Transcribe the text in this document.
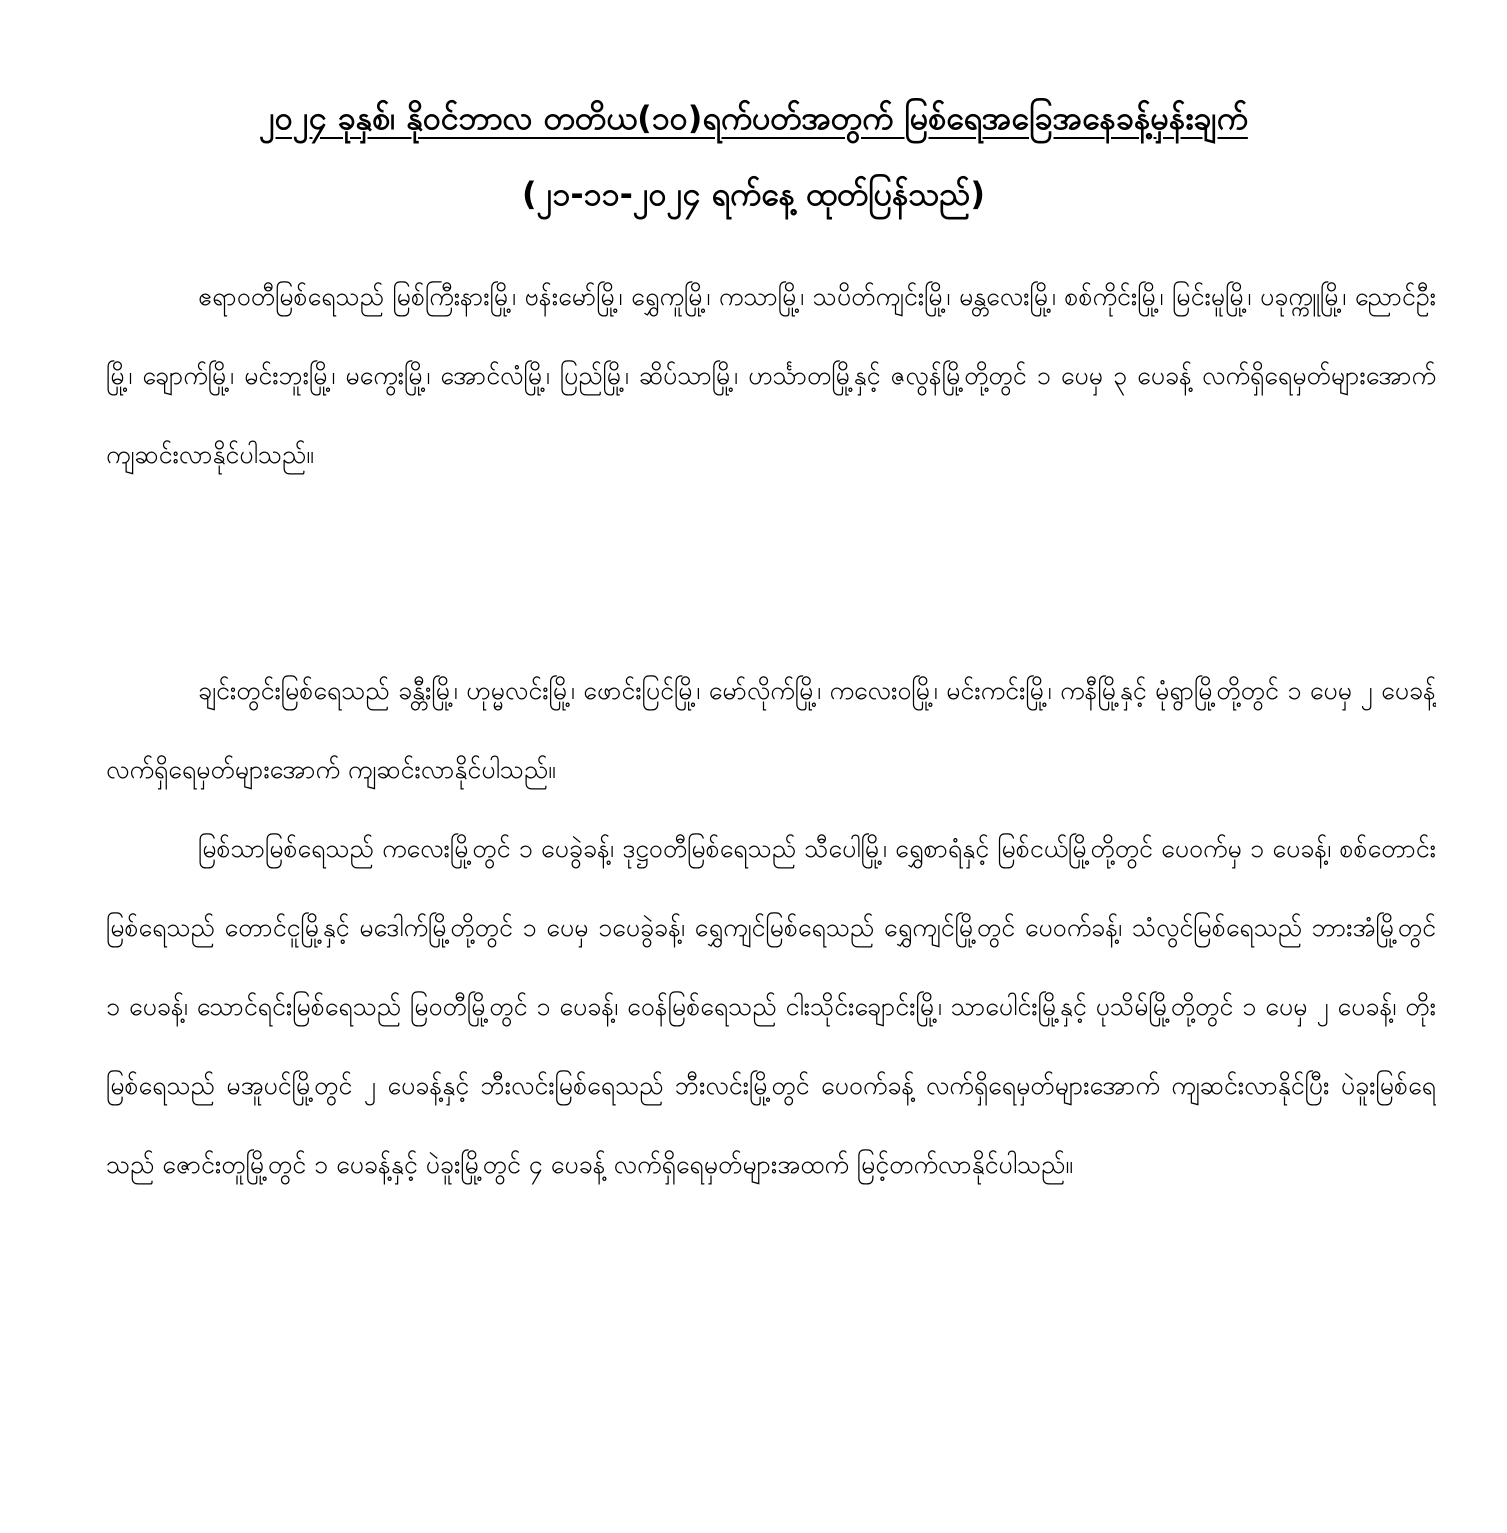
၂၀၂၄ ခုနှစ်၊ နိုဝင်ဘာလ တတိယ(၁၀)ရက်ပတ်အတွက် မြစ်ရေအခြေအနေခန့်မှန်းချက်
(၂၁-၁၁-၂၀၂၄ ရက်နေ့ ထုတ်ပြန်သည်)

ဧရာဝတီမြစ်ရေသည် မြစ်ကြီးနားမြို့၊ ဗန်းမော်မြို့၊ ရွှေကူမြို့၊ ကသာမြို့၊ သပိတ်ကျင်းမြို့၊ မန္တလေးမြို့၊ စစ်ကိုင်းမြို့၊ မြင်းမူမြို့၊ ပခုက္ကူမြို့၊ ညောင်ဦးမြို့၊ ချောက်မြို့၊ မင်းဘူးမြို့၊ မကွေးမြို့၊ အောင်လံမြို့၊ ပြည်မြို့၊ ဆိပ်သာမြို့၊ ဟင်္သာတမြို့နှင့် ဇလွန်မြို့တို့တွင် ၁ ပေမှ ၃ ပေခန့် လက်ရှိရေမှတ်များအောက် ကျဆင်းလာနိုင်ပါသည်။

ချင်းတွင်းမြစ်ရေသည် ခန္တီးမြို့၊ ဟုမ္မလင်းမြို့၊ ဖောင်းပြင်မြို့၊ မော်လိုက်မြို့၊ ကလေးဝမြို့၊ မင်းကင်းမြို့၊ ကနီမြို့နှင့် မုံရွာမြို့တို့တွင် ၁ ပေမှ ၂ ပေခန့် လက်ရှိရေမှတ်များအောက် ကျဆင်းလာနိုင်ပါသည်။

မြစ်သာမြစ်ရေသည် ကလေးမြို့တွင် ၁ ပေခွဲခန့်၊ ဒုဋ္ဌဝတီမြစ်ရေသည် သီပေါမြို့၊ ရွှေစာရံနှင့် မြစ်ငယ်မြို့တို့တွင် ပေဝက်မှ ၁ ပေခန့်၊ စစ်တောင်းမြစ်ရေသည် တောင်ငူမြို့နှင့် မဒေါက်မြို့တို့တွင် ၁ ပေမှ ၁ပေခွဲခန့်၊ ရွှေကျင်မြစ်ရေသည် ရွှေကျင်မြို့တွင် ပေဝက်ခန့်၊ သံလွင်မြစ်ရေသည် ဘားအံမြို့တွင် ၁ ပေခန့်၊ သောင်ရင်းမြစ်ရေသည် မြဝတီမြို့တွင် ၁ ပေခန့်၊ ဝေန်မြစ်ရေသည် ငါးသိုင်းချောင်းမြို့၊ သာပေါင်းမြို့နှင့် ပုသိမ်မြို့တို့တွင် ၁ ပေမှ ၂ ပေခန့်၊ တိုးမြစ်ရေသည် မအူပင်မြို့တွင် ၂ ပေခန့်နှင့် ဘီးလင်းမြစ်ရေသည် ဘီးလင်းမြို့တွင် ပေဝက်ခန့် လက်ရှိရေမှတ်များအောက် ကျဆင်းလာနိုင်ပြီး ပဲခူးမြစ်ရေသည် ဇောင်းတူမြို့တွင် ၁ ပေခန့်နှင့် ပဲခူးမြို့တွင် ၄ ပေခန့် လက်ရှိရေမှတ်များအထက် မြင့်တက်လာနိုင်ပါသည်။
